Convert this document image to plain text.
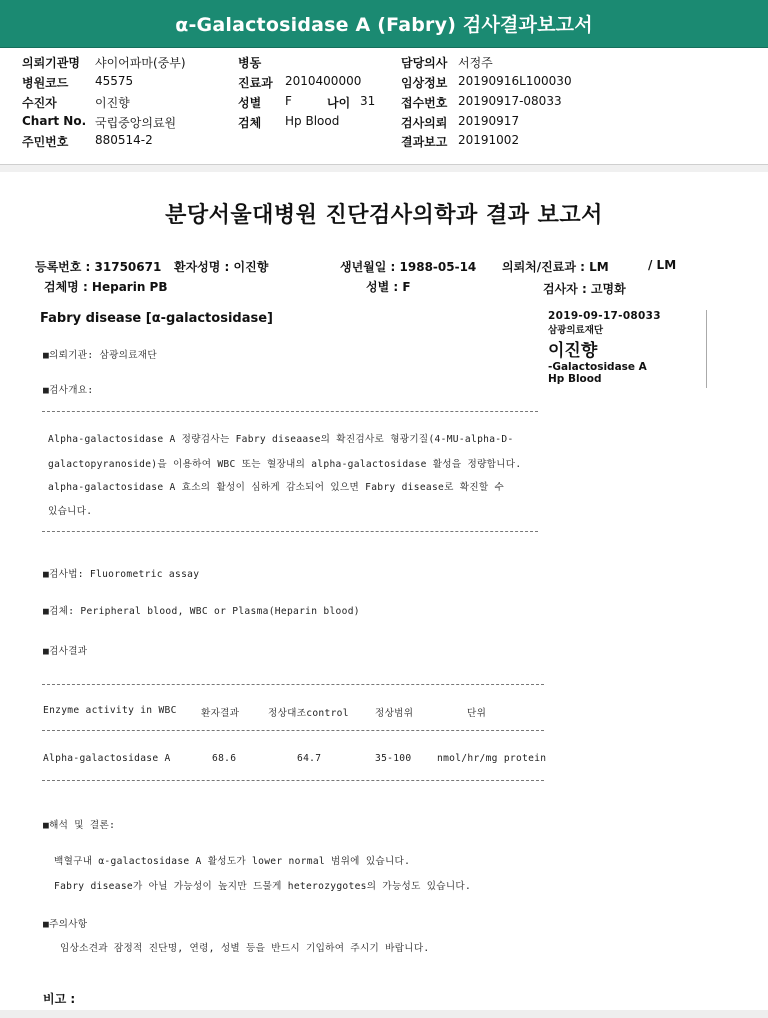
α-Galactosidase A (Fabry) 검사결과보고서
의뢰기관명 샤이어파마(중부)
병원코드 45575
수진자	이진향
Chart No. 국립중앙의료원
주민번호 880514-2
병동
진료과 2010400000
성별 F	나이 31
검체 Hp Blood
담당의사 서정주
임상정보 20190916L100030
접수번호 20190917-08033
검사의뢰 20190917
결과보고 20191002
분당서울대병원 진단검사의학과 결과 보고서
등록번호 : 31750671 환자성명 : 이진향	생년월일 : 1988-05-14 의뢰처/진료과 : LM	/ LM
검체명 : Heparin PB	성별 : F	검사자 : 고명화
Fabry disease [α-galactosidase]	2019-09-17-08033
삼광의료재단
이진향
-Galactosidase A
Hp Blood
■의뢰기관: 삼광의료재단
■검사개요:
Alpha-galactosidase A 정량검사는 Fabry diseaase의 확진검사로 형광기질(4-MU-alpha-D-
galactopyranoside)을 이용하여 WBC 또는 혈장내의 alpha-galactosidase 활성을 정량합니다.
alpha-galactosidase A 효소의 활성이 심하게 감소되어 있으면 Fabry disease로 확진할 수
있습니다.
■검사법: Fluorometric assay
■검체: Peripheral blood, WBC or Plasma(Heparin blood)
■검사결과
Enzyme activity in WBC	환자결과	정상대조control	정상범위	단위
Alpha-galactosidase A	68.6	64.7	35-100	nmol/hr/mg protein
■해석 및 결론:
백혈구내 α-galactosidase A 활성도가 lower normal 범위에 있습니다.
Fabry disease가 아닐 가능성이 높지만 드물게 heterozygotes의 가능성도 있습니다.
■주의사항
임상소견과 잠정적 진단명, 연령, 성별 등을 반드시 기입하여 주시기 바랍니다.
비고 :
